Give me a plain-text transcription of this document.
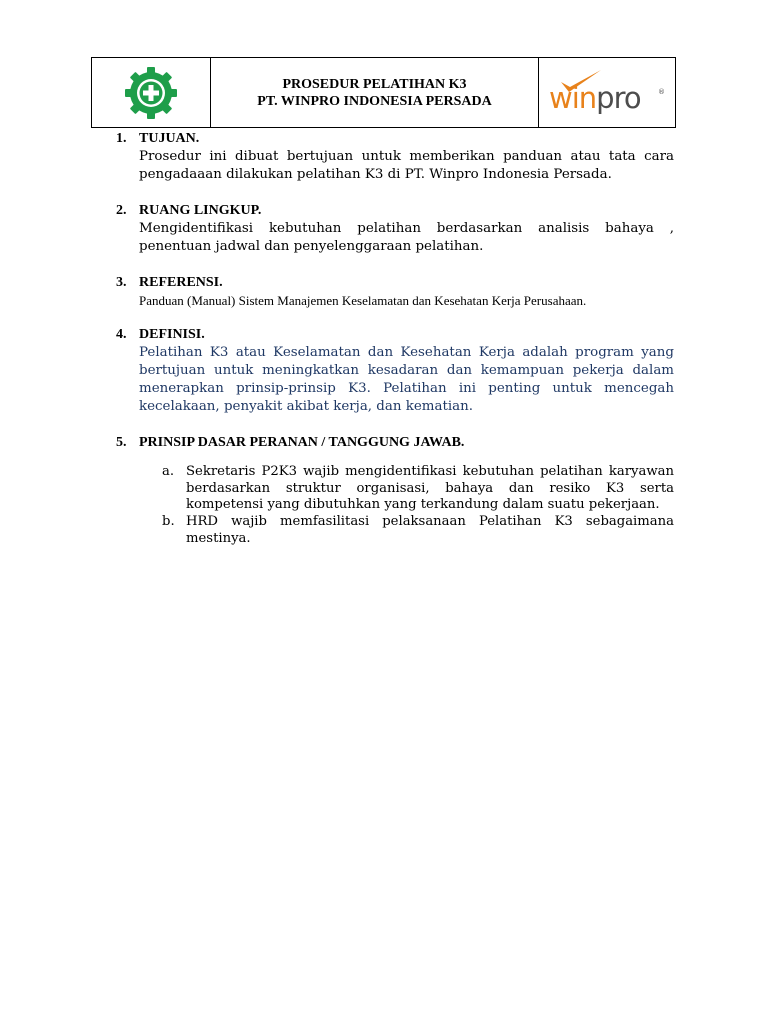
PROSEDUR PELATIHAN K3
PT. WINPRO INDONESIA PERSADA winpro ®
1. TUJUAN.
Prosedur ini dibuat bertujuan untuk memberikan panduan atau tata cara pengadaaan dilakukan pelatihan K3 di PT. Winpro Indonesia Persada.
2. RUANG LINGKUP.
Mengidentifikasi kebutuhan pelatihan berdasarkan analisis bahaya , penentuan jadwal dan penyelenggaraan pelatihan.
3. REFERENSI.
Panduan (Manual) Sistem Manajemen Keselamatan dan Kesehatan Kerja Perusahaan.
4. DEFINISI.
Pelatihan K3 atau Keselamatan dan Kesehatan Kerja adalah program yang bertujuan untuk meningkatkan kesadaran dan kemampuan pekerja dalam menerapkan prinsip-prinsip K3. Pelatihan ini penting untuk mencegah kecelakaan, penyakit akibat kerja, dan kematian.
5. PRINSIP DASAR PERANAN / TANGGUNG JAWAB.
a. Sekretaris P2K3 wajib mengidentifikasi kebutuhan pelatihan karyawan berdasarkan struktur organisasi, bahaya dan resiko K3 serta kompetensi yang dibutuhkan yang terkandung dalam suatu pekerjaan.
b. HRD wajib memfasilitasi pelaksanaan Pelatihan K3 sebagaimana mestinya.
